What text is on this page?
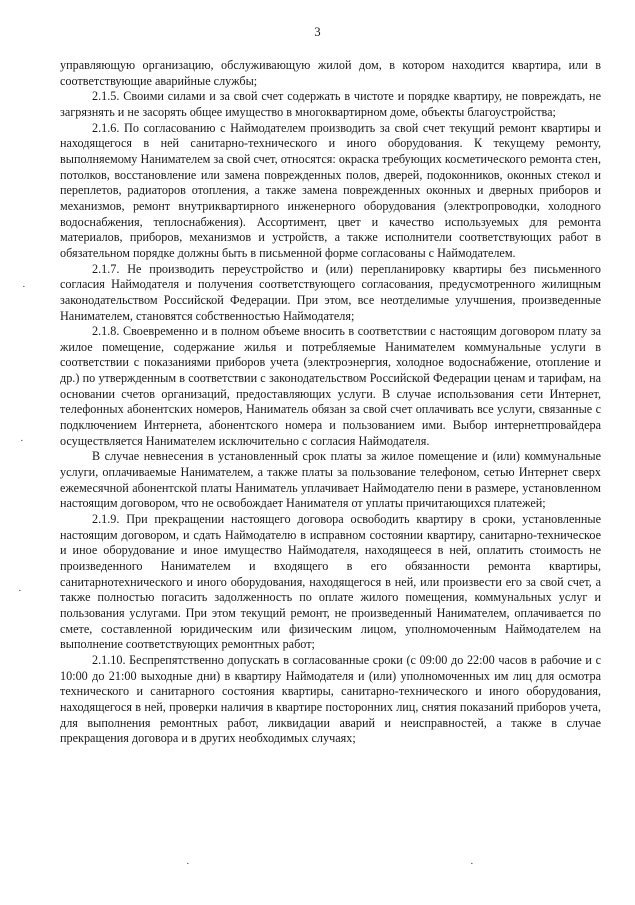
3

управляющую организацию, обслуживающую жилой дом, в котором находится квартира, или в соответствующие аварийные службы;

2.1.5. Своими силами и за свой счет содержать в чистоте и порядке квартиру, не повреждать, не загрязнять и не засорять общее имущество в многоквартирном доме, объекты благоустройства;

2.1.6. По согласованию с Наймодателем производить за свой счет текущий ремонт квартиры и находящегося в ней санитарно-технического и иного оборудования. К текущему ремонту, выполняемому Нанимателем за свой счет, относятся: окраска требующих косметического ремонта стен, потолков, восстановление или замена поврежденных полов, дверей, подоконников, оконных стекол и переплетов, радиаторов отопления, а также замена поврежденных оконных и дверных приборов и механизмов, ремонт внутриквартирного инженерного оборудования (электропроводки, холодного водоснабжения, теплоснабжения). Ассортимент, цвет и качество используемых для ремонта материалов, приборов, механизмов и устройств, а также исполнители соответствующих работ в обязательном порядке должны быть в письменной форме согласованы с Наймодателем.

2.1.7. Не производить переустройство и (или) перепланировку квартиры без письменного согласия Наймодателя и получения соответствующего согласования, предусмотренного жилищным законодательством Российской Федерации. При этом, все неотделимые улучшения, произведенные Нанимателем, становятся собственностью Наймодателя;

2.1.8. Своевременно и в полном объеме вносить в соответствии с настоящим договором плату за жилое помещение, содержание жилья и потребляемые Нанимателем коммунальные услуги в соответствии с показаниями приборов учета (электроэнергия, холодное водоснабжение, отопление и др.) по утвержденным в соответствии с законодательством Российской Федерации ценам и тарифам, на основании счетов организаций, предоставляющих услуги. В случае использования сети Интернет, телефонных абонентских номеров, Наниматель обязан за свой счет оплачивать все услуги, связанные с подключением Интернета, абонентского номера и пользованием ими. Выбор интернетпровайдера осуществляется Нанимателем исключительно с согласия Наймодателя.

В случае невнесения в установленный срок платы за жилое помещение и (или) коммунальные услуги, оплачиваемые Нанимателем, а также платы за пользование телефоном, сетью Интернет сверх ежемесячной абонентской платы Наниматель уплачивает Наймодателю пени в размере, установленном настоящим договором, что не освобождает Нанимателя от уплаты причитающихся платежей;

2.1.9. При прекращении настоящего договора освободить квартиру в сроки, установленные настоящим договором, и сдать Наймодателю в исправном состоянии квартиру, санитарно-техническое и иное оборудование и иное имущество Наймодателя, находящееся в ней, оплатить стоимость не произведенного Нанимателем и входящего в его обязанности ремонта квартиры, санитарнотехнического и иного оборудования, находящегося в ней, или произвести его за свой счет, а также полностью погасить задолженность по оплате жилого помещения, коммунальных услуг и пользования услугами. При этом текущий ремонт, не произведенный Нанимателем, оплачивается по смете, составленной юридическим или физическим лицом, уполномоченным Наймодателем на выполнение соответствующих ремонтных работ;

2.1.10. Беспрепятственно допускать в согласованные сроки (с 09:00 до 22:00 часов в рабочие и с 10:00 до 21:00 выходные дни) в квартиру Наймодателя и (или) уполномоченных им лиц для осмотра технического и санитарного состояния квартиры, санитарно-технического и иного оборудования, находящегося в ней, проверки наличия в квартире посторонних лиц, снятия показаний приборов учета, для выполнения ремонтных работ, ликвидации аварий и неисправностей, а также в случае прекращения договора и в других необходимых случаях;

·
·
·
·	·
